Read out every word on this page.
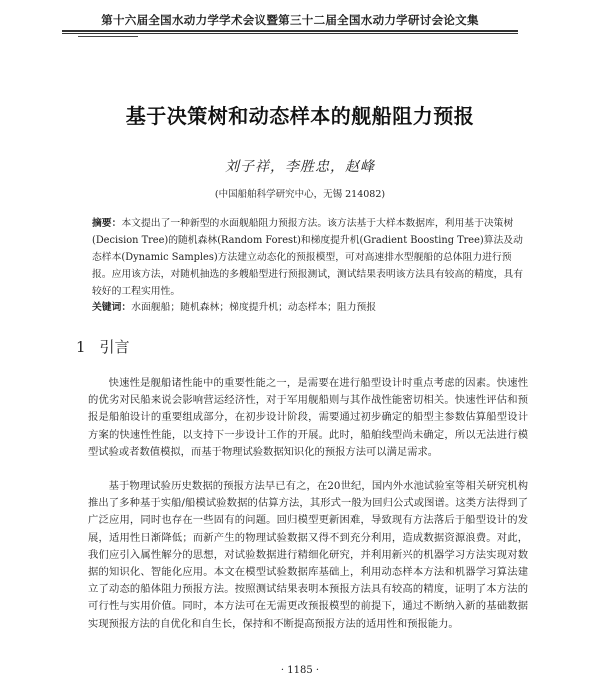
第十六届全国水动力学学术会议暨第三十二届全国水动力学研讨会论文集
基于决策树和动态样本的舰船阻力预报
刘子祥，李胜忠，赵峰
(中国船舶科学研究中心，无锡 214082)
摘要：本文提出了一种新型的水面舰船阻力预报方法。该方法基于大样本数据库，利用基于决策树(Decision Tree)的随机森林(Random Forest)和梯度提升机(Gradient Boosting Tree)算法及动态样本(Dynamic Samples)方法建立动态化的预报模型，可对高速排水型舰船的总体阻力进行预报。应用该方法，对随机抽选的多艘船型进行预报测试，测试结果表明该方法具有较高的精度，具有较好的工程实用性。
关键词：水面舰船；随机森林；梯度提升机；动态样本；阻力预报
1 引言

快速性是舰船诸性能中的重要性能之一，是需要在进行船型设计时重点考虑的因素。快速性的优劣对民船来说会影响营运经济性，对于军用舰船则与其作战性能密切相关。快速性评估和预报是船舶设计的重要组成部分，在初步设计阶段，需要通过初步确定的船型主参数估算船型设计方案的快速性性能，以支持下一步设计工作的开展。此时，船舶线型尚未确定，所以无法进行模型试验或者数值模拟，而基于物理试验数据知识化的预报方法可以满足需求。

基于物理试验历史数据的预报方法早已有之，在20世纪，国内外水池试验室等相关研究机构推出了多种基于实船/船模试验数据的估算方法，其形式一般为回归公式或图谱。这类方法得到了广泛应用，同时也存在一些固有的问题。回归模型更新困难，导致现有方法落后于船型设计的发展，适用性日渐降低；而新产生的物理试验数据又得不到充分利用，造成数据资源浪费。对此，我们应引入属性解分的思想，对试验数据进行精细化研究，并利用新兴的机器学习方法实现对数据的知识化、智能化应用。本文在模型试验数据库基础上，利用动态样本方法和机器学习算法建立了动态的船体阻力预报方法。按照测试结果表明本预报方法具有较高的精度，证明了本方法的可行性与实用价值。同时，本方法可在无需更改预报模型的前提下，通过不断纳入新的基础数据实现预报方法的自优化和自生长，保持和不断提高预报方法的适用性和预报能力。

· 1185 ·
